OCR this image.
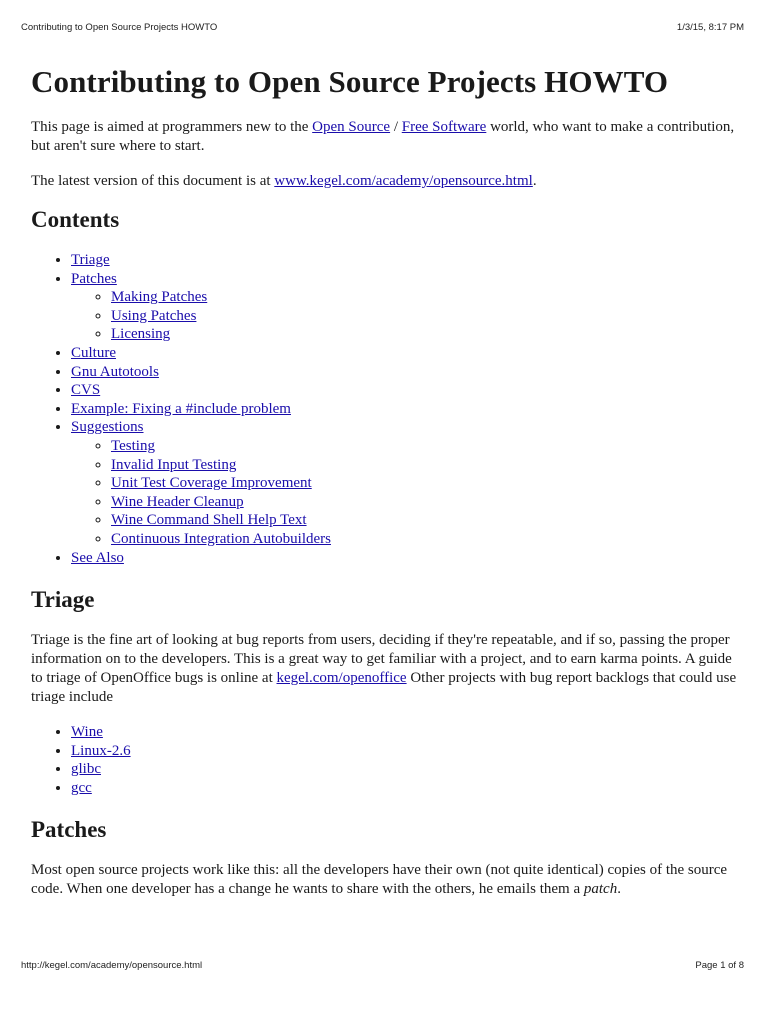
Contributing to Open Source Projects HOWTO	1/3/15, 8:17 PM
Contributing to Open Source Projects HOWTO

This page is aimed at programmers new to the Open Source / Free Software world, who want to make a contribution, but aren't sure where to start.

The latest version of this document is at www.kegel.com/academy/opensource.html.

Contents
• Triage
• Patches
◦ Making Patches
◦ Using Patches
◦ Licensing
• Culture
• Gnu Autotools
• CVS
• Example: Fixing a #include problem
• Suggestions
◦ Testing
◦ Invalid Input Testing
◦ Unit Test Coverage Improvement
◦ Wine Header Cleanup
◦ Wine Command Shell Help Text
◦ Continuous Integration Autobuilders
• See Also
Triage

Triage is the fine art of looking at bug reports from users, deciding if they're repeatable, and if so, passing the proper information on to the developers. This is a great way to get familiar with a project, and to earn karma points. A guide to triage of OpenOffice bugs is online at kegel.com/openoffice Other projects with bug report backlogs that could use triage include

• Wine
• Linux-2.6
• glibc
• gcc
Patches

Most open source projects work like this: all the developers have their own (not quite identical) copies of the source code. When one developer has a change he wants to share with the others, he emails them a patch.

http://kegel.com/academy/opensource.html	Page 1 of 8
